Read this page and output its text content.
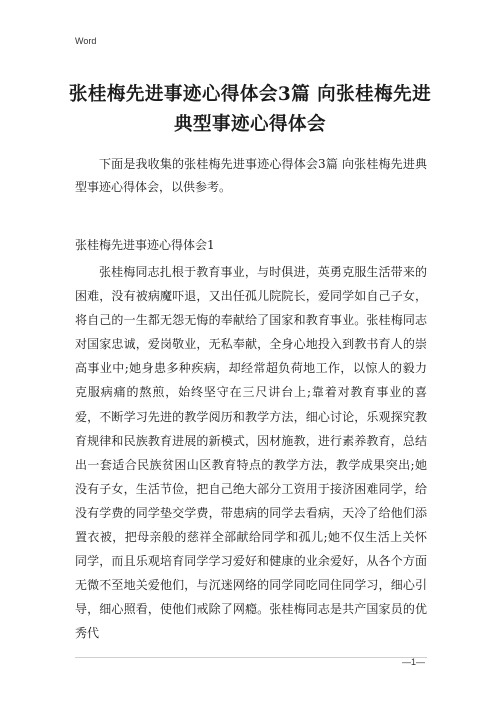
Word
张桂梅先进事迹心得体会3篇 向张桂梅先进典型事迹心得体会

下面是我收集的张桂梅先进事迹心得体会3篇 向张桂梅先进典型事迹心得体会，以供参考。

张桂梅先进事迹心得体会1

张桂梅同志扎根于教育事业，与时俱进，英勇克服生活带来的困难，没有被病魔吓退，又出任孤儿院院长，爱同学如自己子女，将自己的一生都无怨无悔的奉献给了国家和教育事业。张桂梅同志对国家忠诚，爱岗敬业，无私奉献，全身心地投入到教书育人的崇高事业中;她身患多种疾病，却经常超负荷地工作，以惊人的毅力克服病痛的熬煎，始终坚守在三尺讲台上;靠着对教育事业的喜爱，不断学习先进的教学阅历和教学方法，细心讨论，乐观探究教育规律和民族教育进展的新模式，因材施教，进行素养教育，总结出一套适合民族贫困山区教育特点的教学方法，教学成果突出;她没有子女，生活节俭，把自己绝大部分工资用于接济困难同学，给没有学费的同学垫交学费，带患病的同学去看病，天冷了给他们添置衣被，把母亲般的慈祥全部献给同学和孤儿;她不仅生活上关怀同学，而且乐观培育同学学习爱好和健康的业余爱好，从各个方面无微不至地关爱他们，与沉迷网络的同学同吃同住同学习，细心引导，细心照看，使他们戒除了网瘾。张桂梅同志是共产国家员的优秀代

—1—
